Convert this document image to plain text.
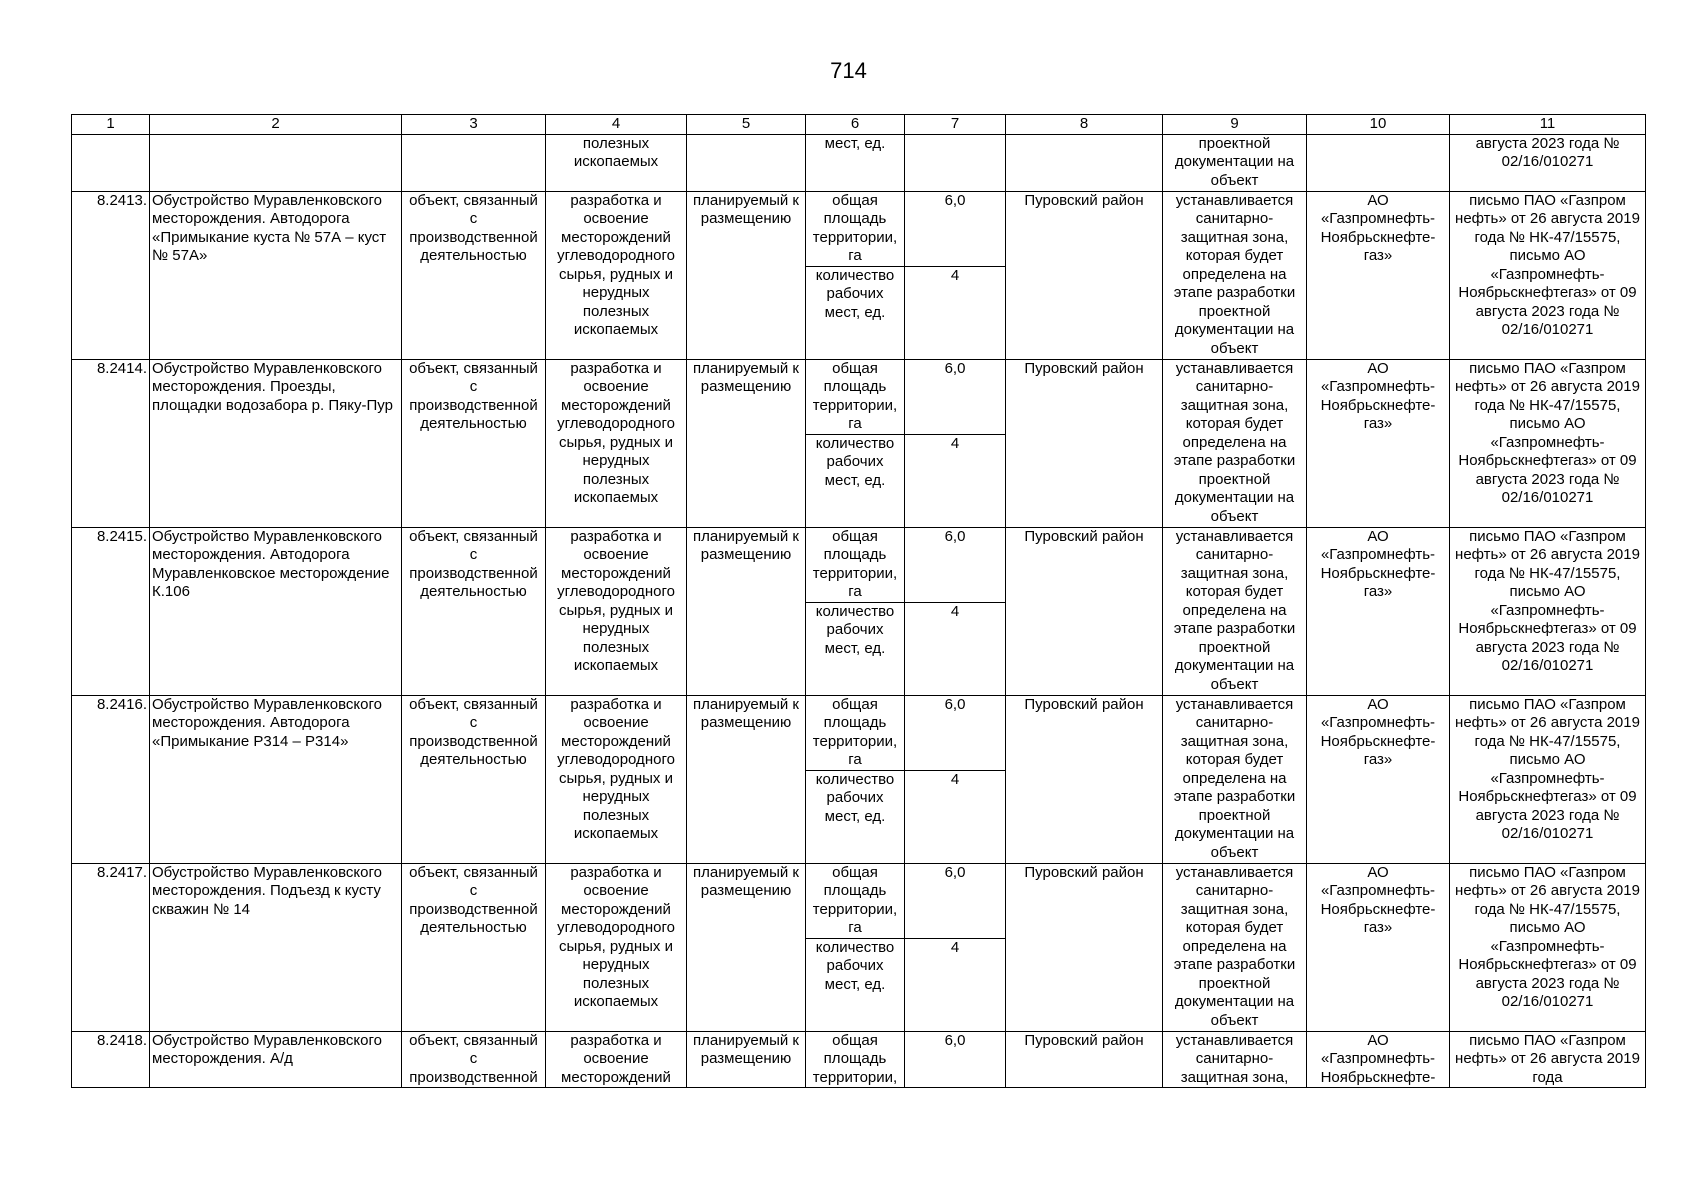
714
1	2	3	4	5	6	7	8	9	10	11
			полезных ископаемых		мест, ед.			проектной документации на объект		августа 2023 года № 02/16/010271
8.2413.	Обустройство Муравленковского месторождения. Автодорога «Примыкание куста № 57А – куст № 57А»	объект, связанный с производственной деятельностью	разработка и освоение месторождений углеводородного сырья, рудных и нерудных полезных ископаемых	планируемый к размещению	общая площадь территории, га	6,0	Пуровский район	устанавливается санитарно-защитная зона, которая будет определена на этапе разработки проектной документации на объект	АО «Газпромнефть-Ноябрьскнефте-газ»	письмо ПАО «Газпром нефть» от 26 августа 2019 года № НК-47/15575, письмо АО «Газпромнефть-Ноябрьскнефтегаз» от 09 августа 2023 года № 02/16/010271
					количество рабочих мест, ед.	4				
8.2414.	Обустройство Муравленковского месторождения. Проезды, площадки водозабора р. Пяку-Пур	объект, связанный с производственной деятельностью	разработка и освоение месторождений углеводородного сырья, рудных и нерудных полезных ископаемых	планируемый к размещению	общая площадь территории, га	6,0	Пуровский район	устанавливается санитарно-защитная зона, которая будет определена на этапе разработки проектной документации на объект	АО «Газпромнефть-Ноябрьскнефте-газ»	письмо ПАО «Газпром нефть» от 26 августа 2019 года № НК-47/15575, письмо АО «Газпромнефть-Ноябрьскнефтегаз» от 09 августа 2023 года № 02/16/010271
					количество рабочих мест, ед.	4				
8.2415.	Обустройство Муравленковского месторождения. Автодорога Муравленковское месторождение К.106	объект, связанный с производственной деятельностью	разработка и освоение месторождений углеводородного сырья, рудных и нерудных полезных ископаемых	планируемый к размещению	общая площадь территории, га	6,0	Пуровский район	устанавливается санитарно-защитная зона, которая будет определена на этапе разработки проектной документации на объект	АО «Газпромнефть-Ноябрьскнефте-газ»	письмо ПАО «Газпром нефть» от 26 августа 2019 года № НК-47/15575, письмо АО «Газпромнефть-Ноябрьскнефтегаз» от 09 августа 2023 года № 02/16/010271
					количество рабочих мест, ед.	4				
8.2416.	Обустройство Муравленковского месторождения. Автодорога «Примыкание Р314 – Р314»	объект, связанный с производственной деятельностью	разработка и освоение месторождений углеводородного сырья, рудных и нерудных полезных ископаемых	планируемый к размещению	общая площадь территории, га	6,0	Пуровский район	устанавливается санитарно-защитная зона, которая будет определена на этапе разработки проектной документации на объект	АО «Газпромнефть-Ноябрьскнефте-газ»	письмо ПАО «Газпром нефть» от 26 августа 2019 года № НК-47/15575, письмо АО «Газпромнефть-Ноябрьскнефтегаз» от 09 августа 2023 года № 02/16/010271
					количество рабочих мест, ед.	4				
8.2417.	Обустройство Муравленковского месторождения. Подъезд к кусту скважин № 14	объект, связанный с производственной деятельностью	разработка и освоение месторождений углеводородного сырья, рудных и нерудных полезных ископаемых	планируемый к размещению	общая площадь территории, га	6,0	Пуровский район	устанавливается санитарно-защитная зона, которая будет определена на этапе разработки проектной документации на объект	АО «Газпромнефть-Ноябрьскнефте-газ»	письмо ПАО «Газпром нефть» от 26 августа 2019 года № НК-47/15575, письмо АО «Газпромнефть-Ноябрьскнефтегаз» от 09 августа 2023 года № 02/16/010271
					количество рабочих мест, ед.	4				
8.2418.	Обустройство Муравленковского месторождения. А/д	объект, связанный с производственной	разработка и освоение месторождений	планируемый к размещению	общая площадь территории,	6,0	Пуровский район	устанавливается санитарно-защитная зона,	АО «Газпромнефть-Ноябрьскнефте-	письмо ПАО «Газпром нефть» от 26 августа 2019 года
